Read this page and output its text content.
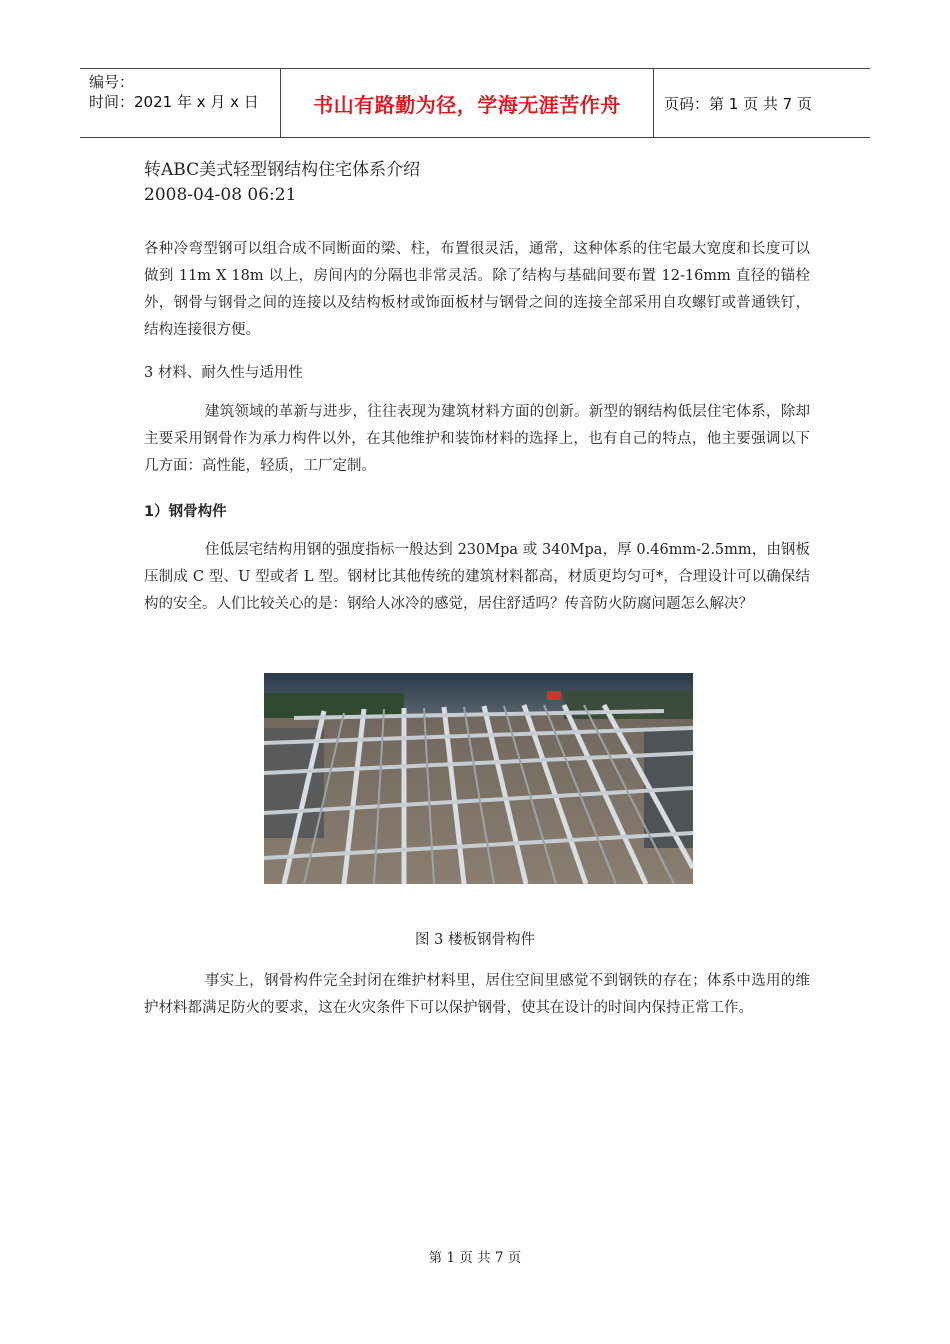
编号：
时间：2021 年 x 月 x 日	书山有路勤为径，学海无涯苦作舟	页码：第 1 页 共 7 页
转ABC美式轻型钢结构住宅体系介绍
2008-04-08 06:21

各种冷弯型钢可以组合成不同断面的梁、柱，布置很灵活，通常，这种体系的住宅最大宽度和长度可以做到 11m X 18m 以上，房间内的分隔也非常灵活。除了结构与基础间要布置 12-16mm 直径的锚栓外，钢骨与钢骨之间的连接以及结构板材或饰面板材与钢骨之间的连接全部采用自攻螺钉或普通铁钉，结构连接很方便。

3 材料、耐久性与适用性

建筑领域的革新与进步，往往表现为建筑材料方面的创新。新型的钢结构低层住宅体系，除却主要采用钢骨作为承力构件以外，在其他维护和装饰材料的选择上，也有自己的特点，他主要强调以下几方面：高性能，轻质，工厂定制。

1）钢骨构件

住低层宅结构用钢的强度指标一般达到 230Mpa 或 340Mpa，厚 0.46mm-2.5mm，由钢板压制成 C 型、U 型或者 L 型。钢材比其他传统的建筑材料都高，材质更均匀可*，合理设计可以确保结构的安全。人们比较关心的是：钢给人冰冷的感觉，居住舒适吗？传音防火防腐问题怎么解决？

图 3 楼板钢骨构件

事实上，钢骨构件完全封闭在维护材料里，居住空间里感觉不到钢铁的存在；体系中选用的维护材料都满足防火的要求，这在火灾条件下可以保护钢骨，使其在设计的时间内保持正常工作。

第 1 页 共 7 页
